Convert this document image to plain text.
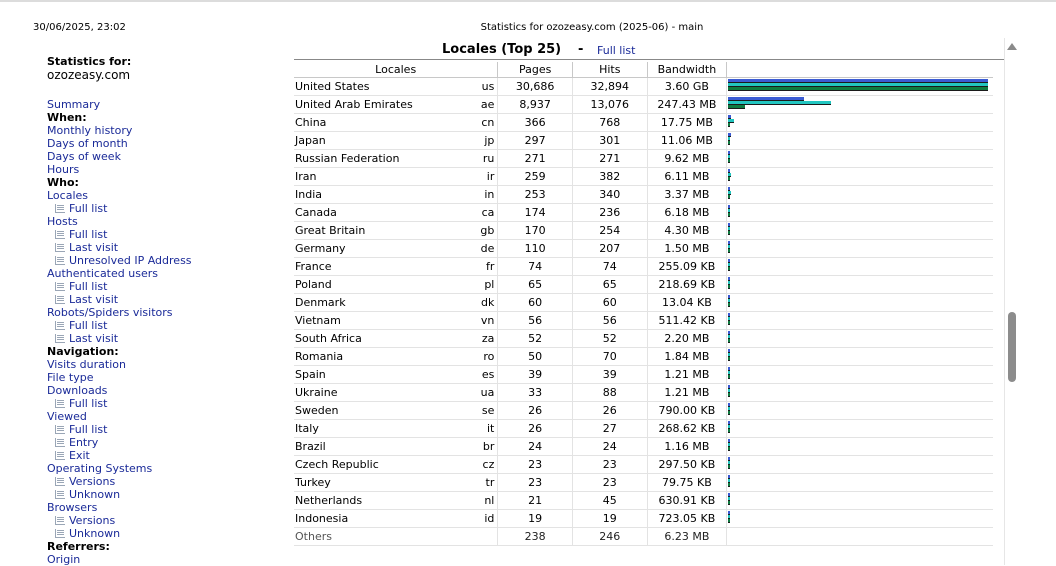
30/06/2025, 23:02	Statistics for ozozeasy.com (2025-06) - main
Statistics for:
ozozeasy.com
Summary
When:
Monthly history
Days of month
Days of week
Hours
Who:
Locales
Full list
Hosts
Full list
Last visit
Unresolved IP Address
Authenticated users
Full list
Last visit
Robots/Spiders visitors
Full list
Last visit
Navigation:
Visits duration
File type
Downloads
Full list
Viewed
Full list
Entry
Exit
Operating Systems
Versions
Unknown
Browsers
Versions
Unknown
Referrers:
Origin
Locales (Top 25) - Full list
Locales		Pages	Hits	Bandwidth	
United States	us	30,686	32,894	3.60 GB	

United Arab Emirates	ae	8,937	13,076	247.43 MB	

China	cn	366	768	17.75 MB	

Japan	jp	297	301	11.06 MB	

Russian Federation	ru	271	271	9.62 MB	

Iran	ir	259	382	6.11 MB	

India	in	253	340	3.37 MB	

Canada	ca	174	236	6.18 MB	

Great Britain	gb	170	254	4.30 MB	

Germany	de	110	207	1.50 MB	

France	fr	74	74	255.09 KB	

Poland	pl	65	65	218.69 KB	

Denmark	dk	60	60	13.04 KB	

Vietnam	vn	56	56	511.42 KB	

South Africa	za	52	52	2.20 MB	

Romania	ro	50	70	1.84 MB	

Spain	es	39	39	1.21 MB	

Ukraine	ua	33	88	1.21 MB	

Sweden	se	26	26	790.00 KB	

Italy	it	26	27	268.62 KB	

Brazil	br	24	24	1.16 MB	

Czech Republic	cz	23	23	297.50 KB	

Turkey	tr	23	23	79.75 KB	

Netherlands	nl	21	45	630.91 KB	

Indonesia	id	19	19	723.05 KB	

Others		238	246	6.23 MB	
